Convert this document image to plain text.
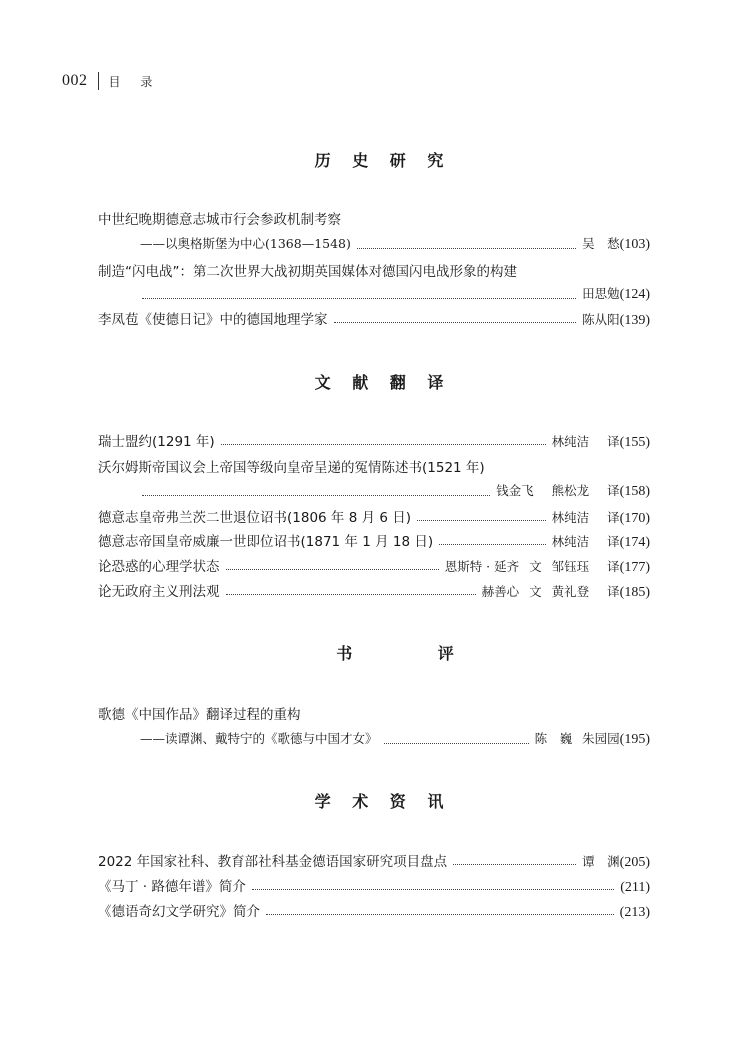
002 目 录
历 史 研 究
中世纪晚期德意志城市行会参政机制考察
——以奥格斯堡为中心(1368—1548)	吴　愁 (103)
制造“闪电战”：第二次世界大战初期英国媒体对德国闪电战形象的构建
田思勉 (124)
李凤苞《使德日记》中的德国地理学家	陈从阳 (139)
文 献 翻 译
瑞士盟约(1291 年)	林纯洁 译 (155)
沃尔姆斯帝国议会上帝国等级向皇帝呈递的冤情陈述书(1521 年)
钱金飞 熊松龙 译 (158)
德意志皇帝弗兰茨二世退位诏书(1806 年 8 月 6 日)	林纯洁 译 (170)
德意志帝国皇帝威廉一世即位诏书(1871 年 1 月 18 日)	林纯洁 译 (174)
论恐惑的心理学状态	恩斯特 · 延齐 文 邹钰珏 译 (177)
论无政府主义刑法观	赫善心 文 黄礼登 译 (185)
书 评
歌德《中国作品》翻译过程的重构
——读谭渊、戴特宁的《歌德与中国才女》	陈　巍 朱园园 (195)
学 术 资 讯
2022 年国家社科、教育部社科基金德语国家研究项目盘点	谭　渊 (205)
《马丁 · 路德年谱》简介	(211)
《德语奇幻文学研究》简介	(213)
